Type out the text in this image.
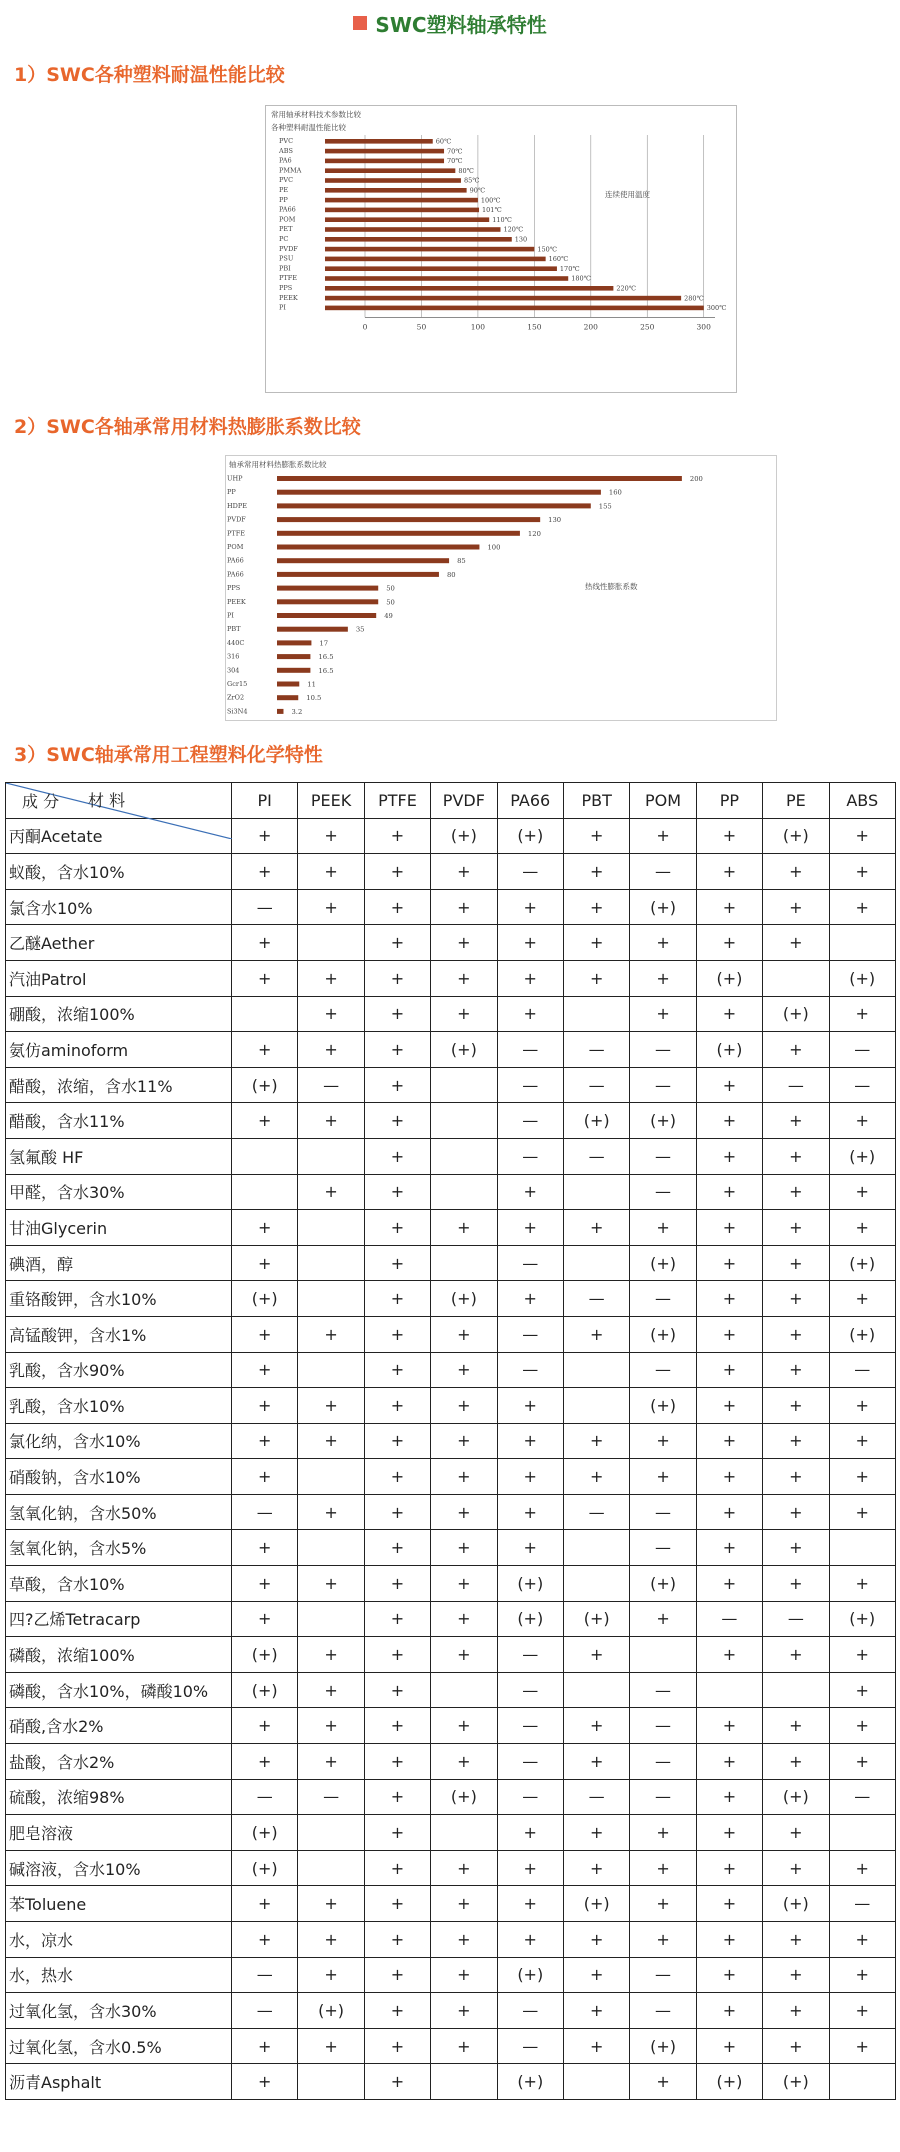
SWC塑料轴承特性
1）SWC各种塑料耐温性能比较
常用轴承材料技术参数比较
各种塑料耐温性能比较
连续使用温度
0	50	100	150	200	250	300
PVC	60℃
ABS	70℃
PA6	70℃
PMMA	80℃
PVC	85℃
PE	90℃
PP	100℃
PA66	101℃
POM	110℃
PET	120℃
PC	130
PVDF	150℃
PSU	160℃
PBI	170℃
PTFE	180℃
PPS	220℃
PEEK	280℃
PI	300℃
2）SWC各轴承常用材料热膨胀系数比较
轴承常用材料热膨胀系数比较
热线性膨胀系数
UHP	200
PP	160
HDPE	155
PVDF	130
PTFE	120
POM	100
PA66	85
PA66	80
PPS	50
PEEK	50
PI	49
PBT	35
440C	17
316	16.5
304	16.5
Gcr15	11
ZrO2	10.5
Si3N4	3.2
3）SWC轴承常用工程塑料化学特性
材 料
成 分	PI	PEEK	PTFE	PVDF	PA66	PBT	POM	PP	PE	ABS
丙酮Acetate	+	+	+	(+)	(+)	+	+	+	(+)	+
蚁酸，含水10%	+	+	+	+	—	+	—	+	+	+
氯含水10%	—	+	+	+	+	+	(+)	+	+	+
乙醚Aether	+		+	+	+	+	+	+	+	
汽油Patrol	+	+	+	+	+	+	+	(+)		(+)
硼酸，浓缩100%		+	+	+	+		+	+	(+)	+
氨仿aminoform	+	+	+	(+)	—	—	—	(+)	+	—
醋酸，浓缩，含水11%	(+)	—	+		—	—	—	+	—	—
醋酸，含水11%	+	+	+		—	(+)	(+)	+	+	+
氢氟酸 HF			+		—	—	—	+	+	(+)
甲醛，含水30%		+	+		+		—	+	+	+
甘油Glycerin	+		+	+	+	+	+	+	+	+
碘酒，醇	+		+		—		(+)	+	+	(+)
重铬酸钾，含水10%	(+)		+	(+)	+	—	—	+	+	+
高锰酸钾，含水1%	+	+	+	+	—	+	(+)	+	+	(+)
乳酸，含水90%	+		+	+	—		—	+	+	—
乳酸，含水10%	+	+	+	+	+		(+)	+	+	+
氯化纳，含水10%	+	+	+	+	+	+	+	+	+	+
硝酸钠，含水10%	+		+	+	+	+	+	+	+	+
氢氧化钠，含水50%	—	+	+	+	+	—	—	+	+	+
氢氧化钠，含水5%	+		+	+	+		—	+	+	
草酸，含水10%	+	+	+	+	(+)		(+)	+	+	+
四?乙烯Tetracarp	+		+	+	(+)	(+)	+	—	—	(+)
磷酸，浓缩100%	(+)	+	+	+	—	+		+	+	+
磷酸，含水10%，磷酸10%	(+)	+	+		—		—			+
硝酸,含水2%	+	+	+	+	—	+	—	+	+	+
盐酸，含水2%	+	+	+	+	—	+	—	+	+	+
硫酸，浓缩98%	—	—	+	(+)	—	—	—	+	(+)	—
肥皂溶液	(+)		+		+	+	+	+	+	
碱溶液，含水10%	(+)		+	+	+	+	+	+	+	+
苯Toluene	+	+	+	+	+	(+)	+	+	(+)	—
水，凉水	+	+	+	+	+	+	+	+	+	+
水，热水	—	+	+	+	(+)	+	—	+	+	+
过氧化氢，含水30%	—	(+)	+	+	—	+	—	+	+	+
过氧化氢，含水0.5%	+	+	+	+	—	+	(+)	+	+	+
沥青Asphalt	+		+		(+)		+	(+)	(+)	
